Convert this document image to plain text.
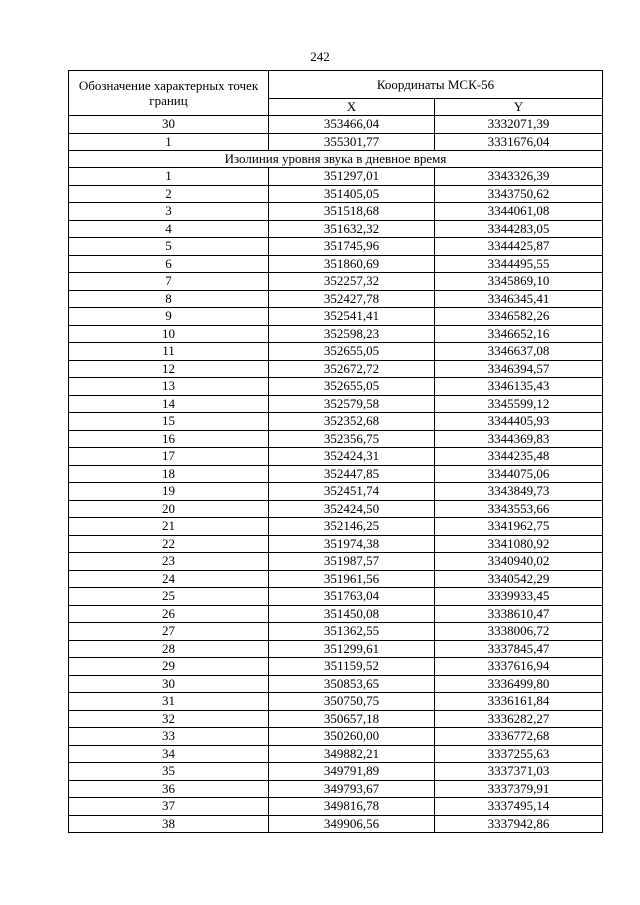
242
Обозначение характерных точек границ	Координаты МСК-56	
	X	Y
30	353466,04	3332071,39
1	355301,77	3331676,04
Изолиния уровня звука в дневное время		
1	351297,01	3343326,39
2	351405,05	3343750,62
3	351518,68	3344061,08
4	351632,32	3344283,05
5	351745,96	3344425,87
6	351860,69	3344495,55
7	352257,32	3345869,10
8	352427,78	3346345,41
9	352541,41	3346582,26
10	352598,23	3346652,16
11	352655,05	3346637,08
12	352672,72	3346394,57
13	352655,05	3346135,43
14	352579,58	3345599,12
15	352352,68	3344405,93
16	352356,75	3344369,83
17	352424,31	3344235,48
18	352447,85	3344075,06
19	352451,74	3343849,73
20	352424,50	3343553,66
21	352146,25	3341962,75
22	351974,38	3341080,92
23	351987,57	3340940,02
24	351961,56	3340542,29
25	351763,04	3339933,45
26	351450,08	3338610,47
27	351362,55	3338006,72
28	351299,61	3337845,47
29	351159,52	3337616,94
30	350853,65	3336499,80
31	350750,75	3336161,84
32	350657,18	3336282,27
33	350260,00	3336772,68
34	349882,21	3337255,63
35	349791,89	3337371,03
36	349793,67	3337379,91
37	349816,78	3337495,14
38	349906,56	3337942,86
